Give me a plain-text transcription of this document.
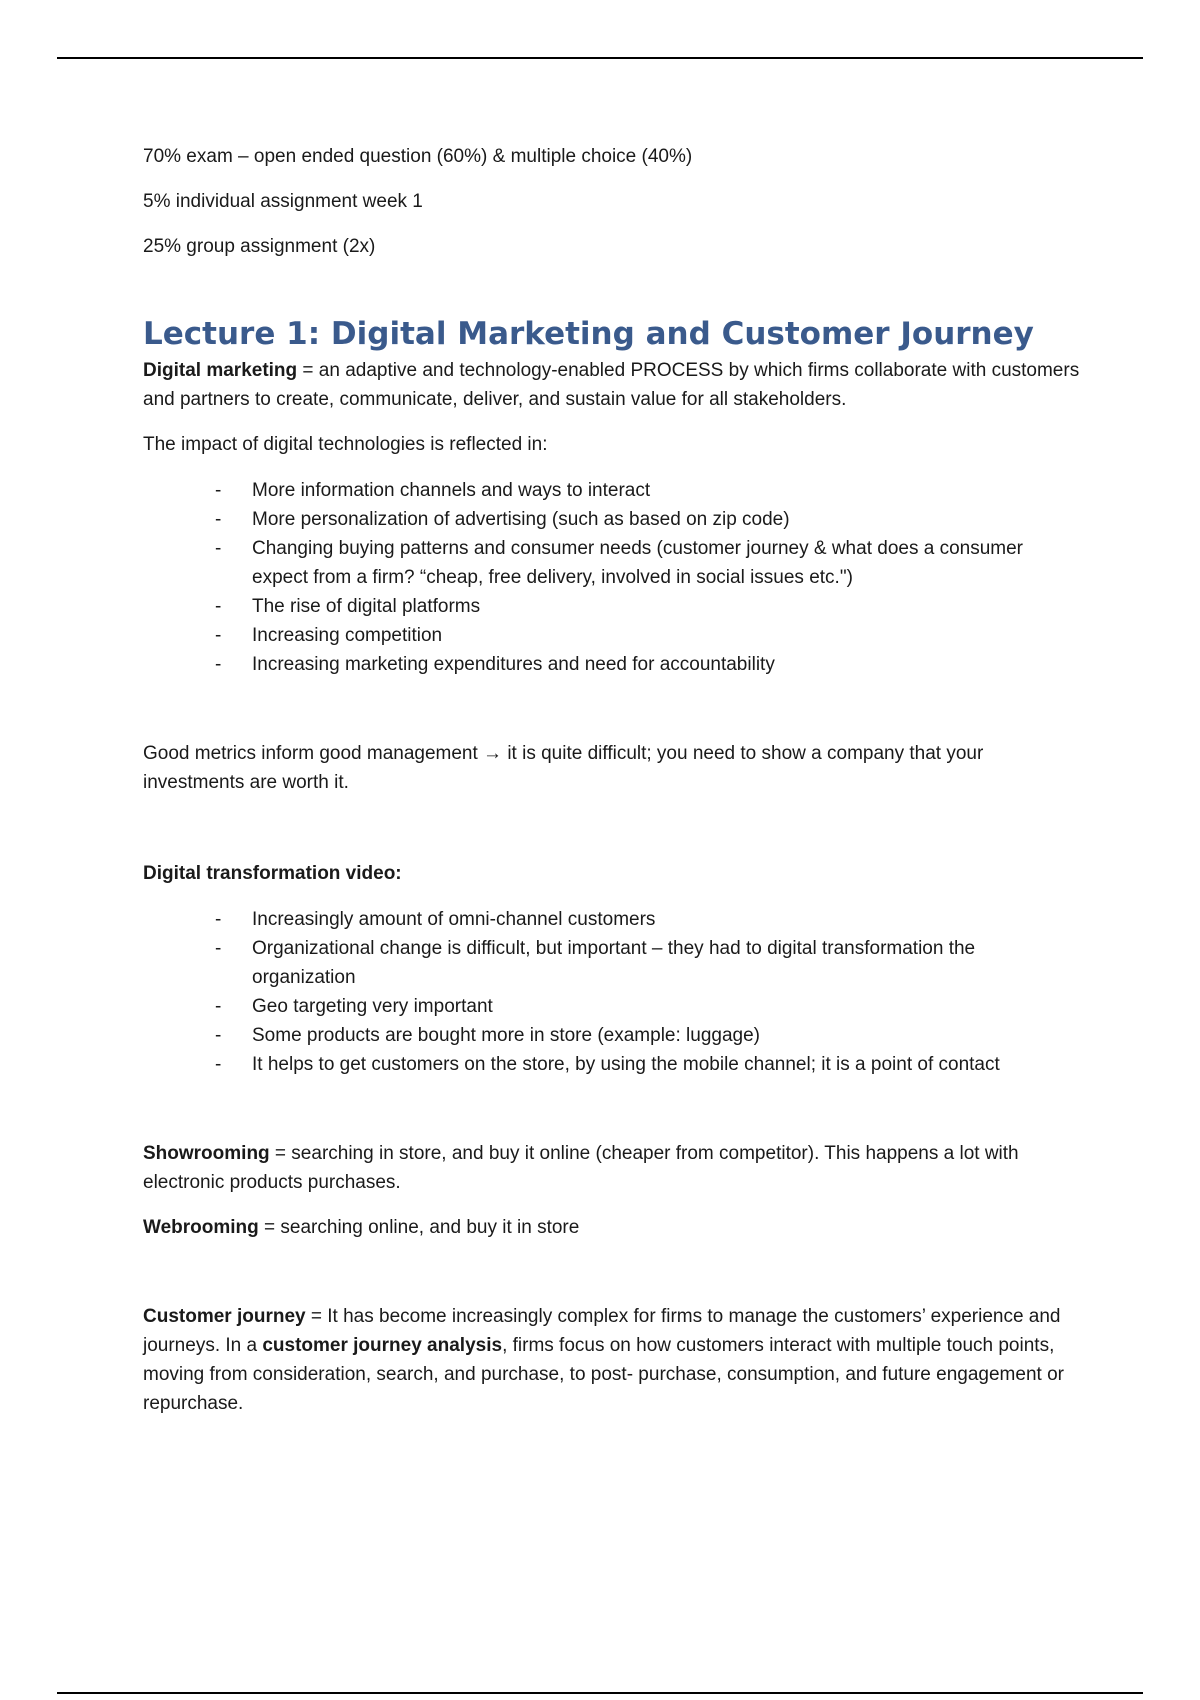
70% exam – open ended question (60%) & multiple choice (40%)

5% individual assignment week 1

25% group assignment (2x)

Lecture 1: Digital Marketing and Customer Journey

Digital marketing = an adaptive and technology-enabled PROCESS by which firms collaborate with customers and partners to create, communicate, deliver, and sustain value for all stakeholders.

The impact of digital technologies is reflected in:

- More information channels and ways to interact
- More personalization of advertising (such as based on zip code)
- Changing buying patterns and consumer needs (customer journey & what does a consumer expect from a firm? “cheap, free delivery, involved in social issues etc.")
- The rise of digital platforms
- Increasing competition
- Increasing marketing expenditures and need for accountability

Good metrics inform good management → it is quite difficult; you need to show a company that your investments are worth it.

Digital transformation video:

- Increasingly amount of omni-channel customers
- Organizational change is difficult, but important – they had to digital transformation the organization
- Geo targeting very important
- Some products are bought more in store (example: luggage)
- It helps to get customers on the store, by using the mobile channel; it is a point of contact

Showrooming = searching in store, and buy it online (cheaper from competitor). This happens a lot with electronic products purchases.

Webrooming = searching online, and buy it in store

Customer journey = It has become increasingly complex for firms to manage the customers’ experience and journeys. In a customer journey analysis, firms focus on how customers interact with multiple touch points, moving from consideration, search, and purchase, to post- purchase, consumption, and future engagement or repurchase.
